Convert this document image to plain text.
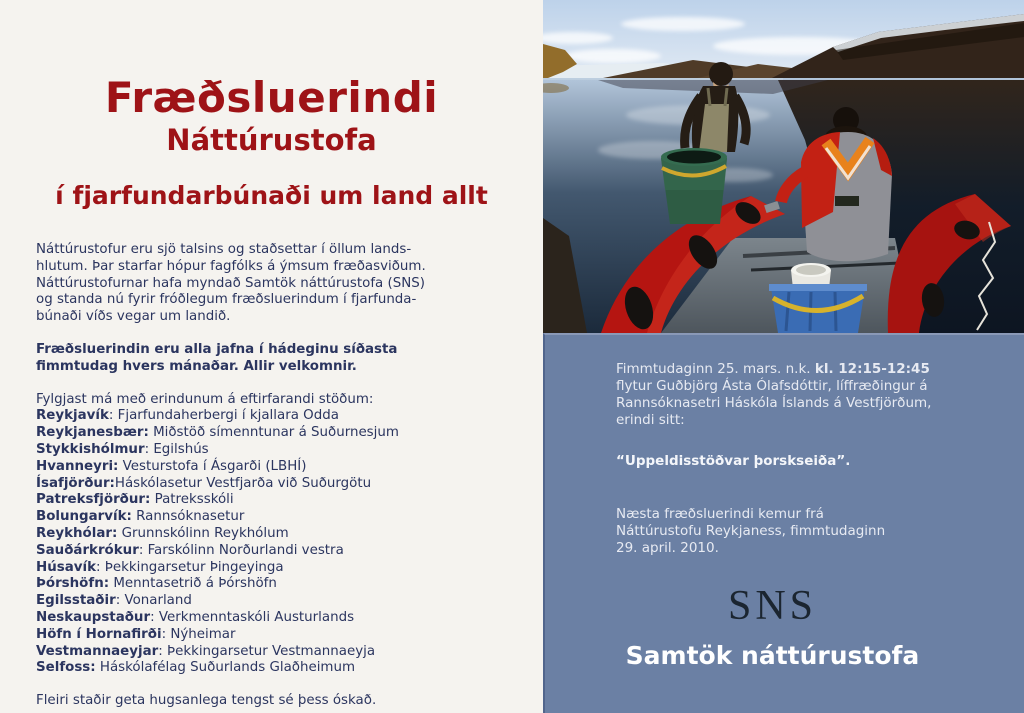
Fræðsluerindi
Náttúrustofa
í fjarfundarbúnaði um land allt
Náttúrustofur eru sjö talsins og staðsettar í öllum lands-
hlutum. Þar starfar hópur fagfólks á ýmsum fræðasviðum.
Náttúrustofurnar hafa myndað Samtök náttúrustofa (SNS)
og standa nú fyrir fróðlegum fræðsluerindum í fjarfunda-
búnaði víðs vegar um landið.
Fræðsluerindin eru alla jafna í hádeginu síðasta
fimmtudag hvers mánaðar. Allir velkomnir.
Fylgjast má með erindunum á eftirfarandi stöðum:
Reykjavík: Fjarfundaherbergi í kjallara Odda
Reykjanesbær: Miðstöð símenntunar á Suðurnesjum
Stykkishólmur: Egilshús
Hvanneyri: Vesturstofa í Ásgarði (LBHÍ)
Ísafjörður:Háskólasetur Vestfjarða við Suðurgötu
Patreksfjörður: Patreksskóli
Bolungarvík: Rannsóknasetur
Reykhólar: Grunnskólinn Reykhólum
Sauðárkrókur: Farskólinn Norðurlandi vestra
Húsavík: Þekkingarsetur Þingeyinga
Þórshöfn: Menntasetrið á Þórshöfn
Egilsstaðir: Vonarland
Neskaupstaður: Verkmenntaskóli Austurlands
Höfn í Hornafirði: Nýheimar
Vestmannaeyjar: Þekkingarsetur Vestmannaeyja
Selfoss: Háskólafélag Suðurlands Glaðheimum
Fleiri staðir geta hugsanlega tengst sé þess óskað.
Fimmtudaginn 25. mars. n.k. kl. 12:15-12:45
flytur Guðbjörg Ásta Ólafsdóttir, líffræðingur á
Rannsóknasetri Háskóla Íslands á Vestfjörðum,
erindi sitt:
“Uppeldisstöðvar þorskseiða”.
Næsta fræðsluerindi kemur frá
Náttúrustofu Reykjaness, fimmtudaginn
29. april. 2010.
SNS
Samtök náttúrustofa
